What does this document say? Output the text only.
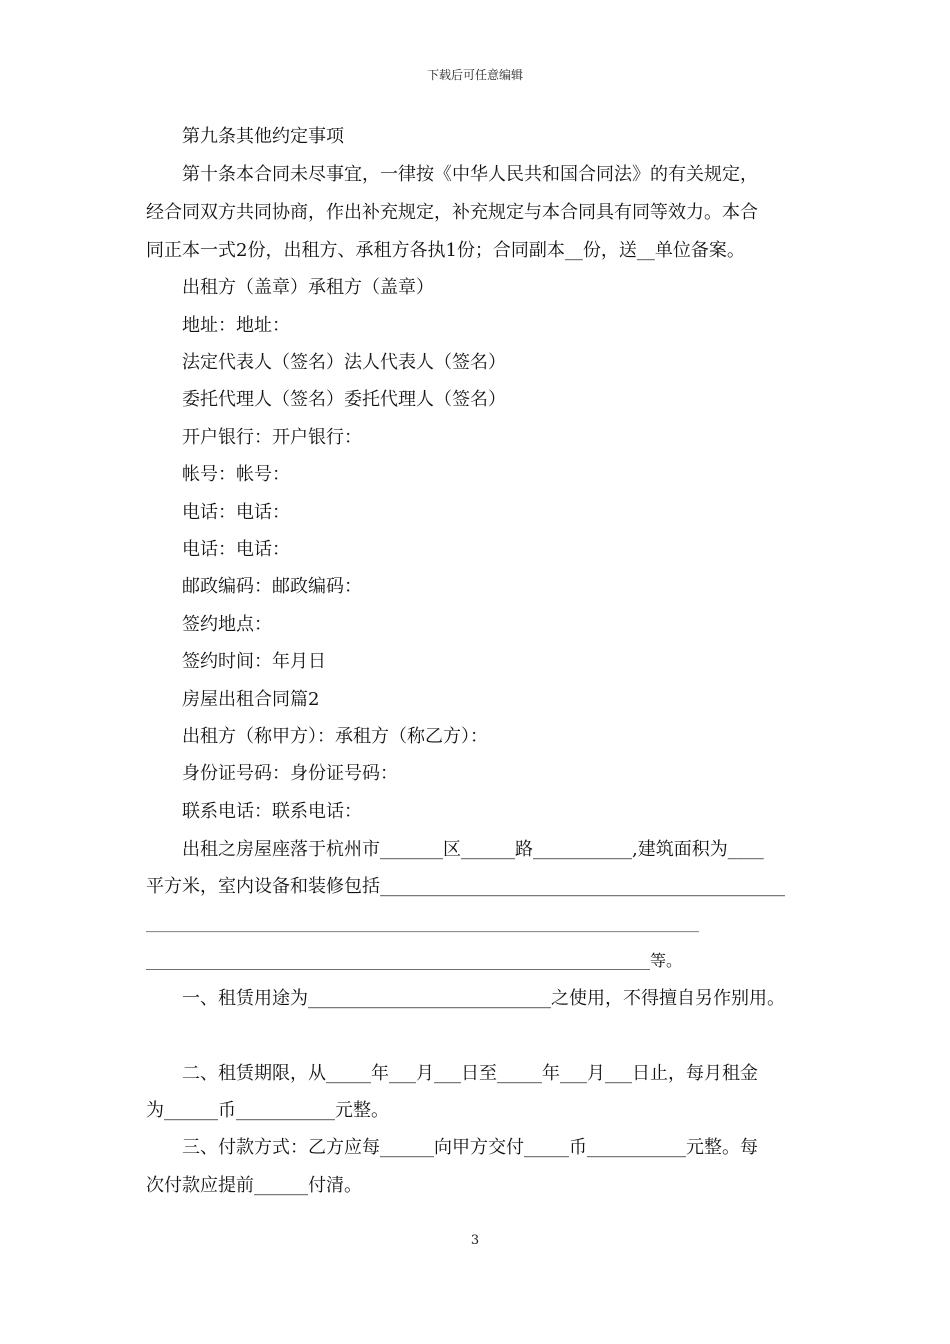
下载后可任意编辑
第九条其他约定事项
第十条本合同未尽事宜，一律按《中华人民共和国合同法》的有关规定，
经合同双方共同协商，作出补充规定，补充规定与本合同具有同等效力。本合
同正本一式2份，出租方、承租方各执1份；合同副本__份，送__单位备案。
出租方（盖章）承租方（盖章）
地址：地址：
法定代表人（签名）法人代表人（签名）
委托代理人（签名）委托代理人（签名）
开户银行：开户银行：
帐号：帐号：
电话：电话：
电话：电话：
邮政编码：邮政编码：
签约地点：
签约时间：年月日
房屋出租合同篇2
出租方（称甲方）：承租方（称乙方）：
身份证号码：身份证号码：
联系电话：联系电话：
出租之房屋座落于杭州市_______区______路___________,建筑面积为____
平方米，室内设备和装修包括_____________________________________________
_______________________________________________________________________________
_______________________________________________________________等。
一、租赁用途为___________________________之使用，不得擅自另作别用。
二、租赁期限，从_____年___月___日至_____年___月___日止，每月租金
为______币___________元整。
三、付款方式：乙方应每______向甲方交付_____币___________元整。每
次付款应提前______付清。
3
